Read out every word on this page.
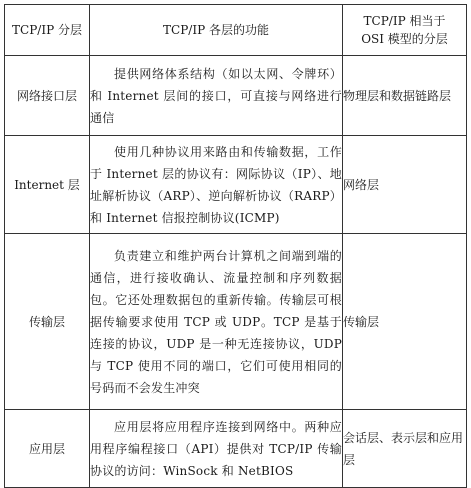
TCP/IP 分层	TCP/IP 各层的功能	TCP/IP 相当于
OSI 模型的分层
网络接口层	提供网络体系结构（如以太网、令牌环）和 Internet 层间的接口，可直接与网络进行通信	物理层和数据链路层
Internet 层	使用几种协议用来路由和传输数据，工作于 Internet 层的协议有：网际协议（IP）、地址解析协议（ARP）、逆向解析协议（RARP）和 Internet 信报控制协议(ICMP)	网络层
传输层	负责建立和维护两台计算机之间端到端的通信，进行接收确认、流量控制和序列数据包。它还处理数据包的重新传输。传输层可根据传输要求使用 TCP 或 UDP。TCP 是基于连接的协议，UDP 是一种无连接协议，UDP 与 TCP 使用不同的端口，它们可使用相同的号码而不会发生冲突	传输层
应用层	应用层将应用程序连接到网络中。两种应用程序编程接口（API）提供对 TCP/IP 传输协议的访问：WinSock 和 NetBIOS	会话层、表示层和应用层
